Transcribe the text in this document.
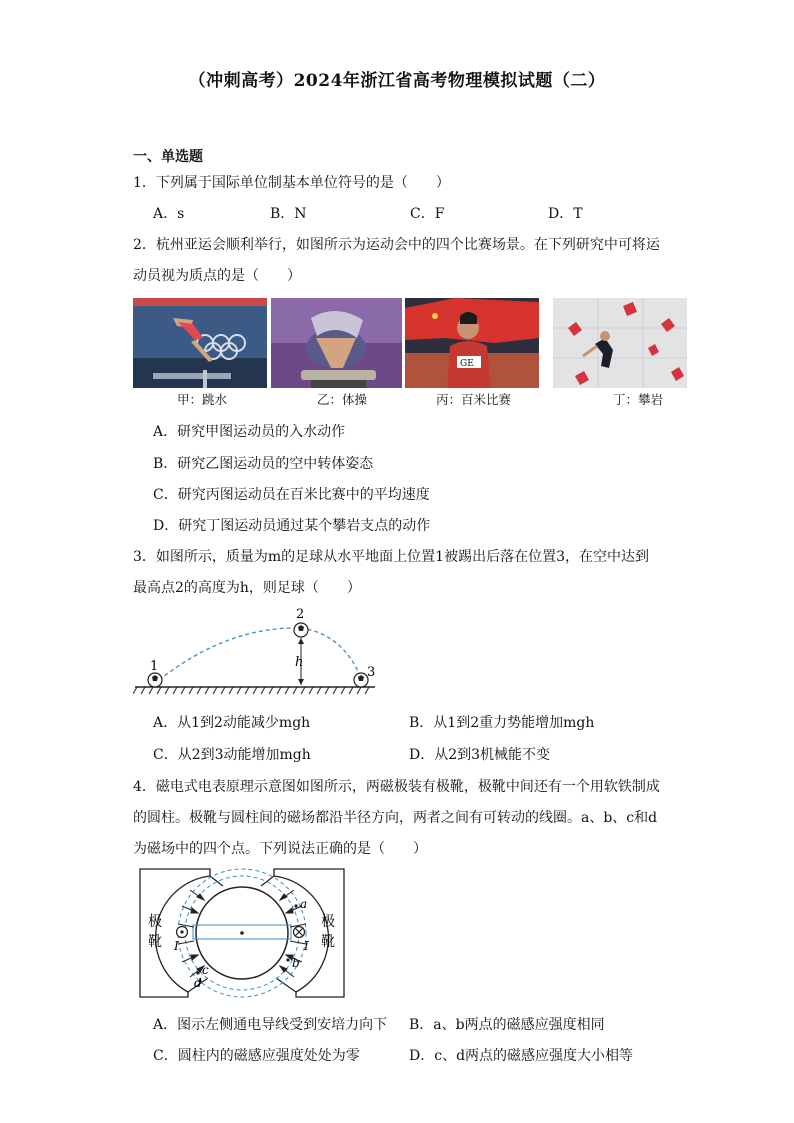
（冲刺高考）2024年浙江省高考物理模拟试题（二）
一、单选题
1．下列属于国际单位制基本单位符号的是（　　）
A．s	B．N	C．F	D．T
2．杭州亚运会顺利举行，如图所示为运动会中的四个比赛场景。在下列研究中可将运
动员视为质点的是（　　）
GE
甲：跳水	乙：体操	丙：百米比赛	丁：攀岩
A．研究甲图运动员的入水动作
B．研究乙图运动员的空中转体姿态
C．研究丙图运动员在百米比赛中的平均速度
D．研究丁图运动员通过某个攀岩支点的动作
3．如图所示，质量为m的足球从水平地面上位置1被踢出后落在位置3，在空中达到
最高点2的高度为h，则足球（　　）
1
2
3
h
A．从1到2动能减少mgh	B．从1到2重力势能增加mgh
C．从2到3动能增加mgh	D．从2到3机械能不变
4．磁电式电表原理示意图如图所示，两磁极装有极靴，极靴中间还有一个用软铁制成
的圆柱。极靴与圆柱间的磁场都沿半径方向，两者之间有可转动的线圈。a、b、c和d
为磁场中的四个点。下列说法正确的是（　　）
极
靴
极
靴
a
b
c
d
I	I
A．图示左侧通电导线受到安培力向下 B．a、b两点的磁感应强度相同
C．圆柱内的磁感应强度处处为零	D．c、d两点的磁感应强度大小相等
